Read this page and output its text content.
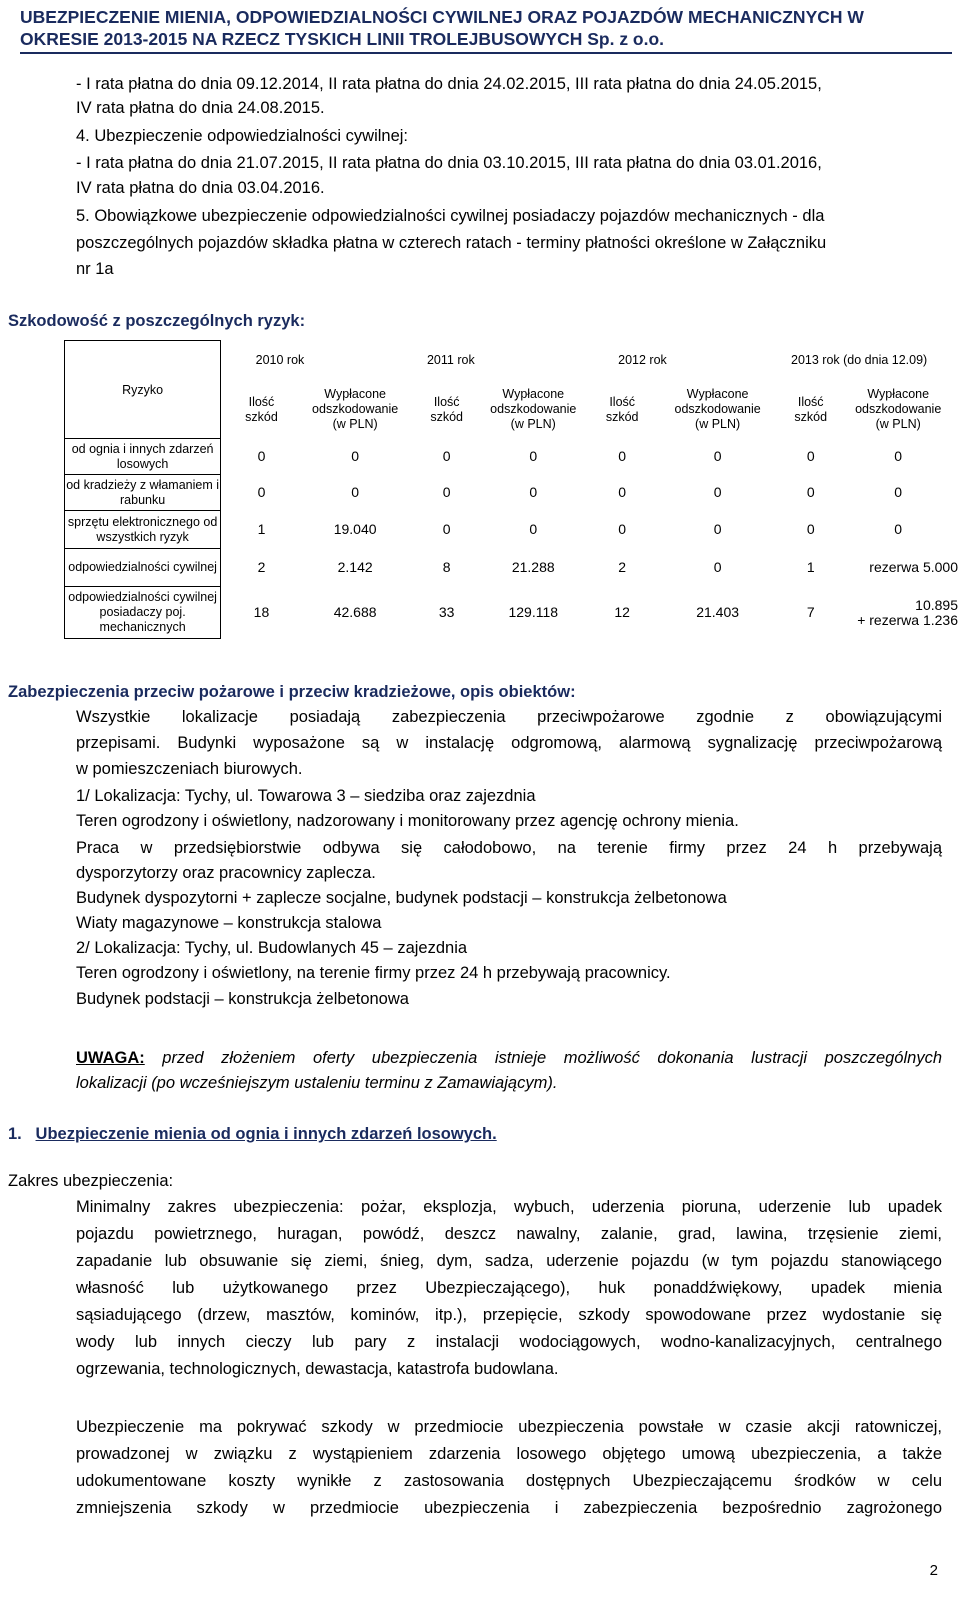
UBEZPIECZENIE MIENIA, ODPOWIEDZIALNOŚCI CYWILNEJ ORAZ POJAZDÓW MECHANICZNYCH W
OKRESIE 2013-2015 NA RZECZ TYSKICH LINII TROLEJBUSOWYCH Sp. z o.o.
- I rata płatna do dnia 09.12.2014, II rata płatna do dnia 24.02.2015, III rata płatna do dnia 24.05.2015,
IV rata płatna do dnia 24.08.2015.
4. Ubezpieczenie odpowiedzialności cywilnej:
- I rata płatna do dnia 21.07.2015, II rata płatna do dnia 03.10.2015, III rata płatna do dnia 03.01.2016,
IV rata płatna do dnia 03.04.2016.
5. Obowiązkowe ubezpieczenie odpowiedzialności cywilnej posiadaczy pojazdów mechanicznych - dla
poszczególnych pojazdów składka płatna w czterech ratach - terminy płatności określone w Załączniku
nr 1a
Szkodowość z poszczególnych ryzyk:
		2010 rok		2011 rok		2012 rok		2013 rok (do dnia 12.09)	
Ryzyko		Ilość szkód	Wypłacone
odszkodowanie
(w PLN)	Ilość szkód	Wypłacone
odszkodowanie
(w PLN)	Ilość szkód	Wypłacone
odszkodowanie
(w PLN)	Ilość szkód	Wypłacone
odszkodowanie
(w PLN)
od ognia i innych zdarzeń losowych		0	0	0	0	0	0	0	0
od kradzieży z włamaniem i rabunku		0	0	0	0	0	0	0	0
sprzętu elektronicznego od wszystkich ryzyk		1	19.040	0	0	0	0	0	0
odpowiedzialności cywilnej		2	2.142	8	21.288	2	0	1	rezerwa 5.000
odpowiedzialności cywilnej posiadaczy poj. mechanicznych		18	42.688	33	129.118	12	21.403	7	10.895
+ rezerwa 1.236
Zabezpieczenia przeciw pożarowe i przeciw kradzieżowe, opis obiektów:
Wszystkie lokalizacje posiadają zabezpieczenia przeciwpożarowe zgodnie z obowiązującymi
przepisami. Budynki wyposażone są w instalację odgromową, alarmową sygnalizację przeciwpożarową
w pomieszczeniach biurowych.
1/ Lokalizacja: Tychy, ul. Towarowa 3 – siedziba oraz zajezdnia
Teren ogrodzony i oświetlony, nadzorowany i monitorowany przez agencję ochrony mienia.
Praca w przedsiębiorstwie odbywa się całodobowo, na terenie firmy przez 24 h przebywają
dysporzytorzy oraz pracownicy zaplecza.
Budynek dyspozytorni + zaplecze socjalne, budynek podstacji – konstrukcja żelbetonowa
Wiaty magazynowe – konstrukcja stalowa
2/ Lokalizacja: Tychy, ul. Budowlanych 45 – zajezdnia
Teren ogrodzony i oświetlony, na terenie firmy przez 24 h przebywają pracownicy.
Budynek podstacji – konstrukcja żelbetonowa
UWAGA: przed złożeniem oferty ubezpieczenia istnieje możliwość dokonania lustracji poszczególnych
lokalizacji (po wcześniejszym ustaleniu terminu z Zamawiającym).
1. Ubezpieczenie mienia od ognia i innych zdarzeń losowych.
Zakres ubezpieczenia:
Minimalny zakres ubezpieczenia: pożar, eksplozja, wybuch, uderzenia pioruna, uderzenie lub upadek
pojazdu powietrznego, huragan, powódź, deszcz nawalny, zalanie, grad, lawina, trzęsienie ziemi,
zapadanie lub obsuwanie się ziemi, śnieg, dym, sadza, uderzenie pojazdu (w tym pojazdu stanowiącego
własność lub użytkowanego przez Ubezpieczającego), huk ponaddźwiękowy, upadek mienia
sąsiadującego (drzew, masztów, kominów, itp.), przepięcie, szkody spowodowane przez wydostanie się
wody lub innych cieczy lub pary z instalacji wodociągowych, wodno-kanalizacyjnych, centralnego
ogrzewania, technologicznych, dewastacja, katastrofa budowlana.
Ubezpieczenie ma pokrywać szkody w przedmiocie ubezpieczenia powstałe w czasie akcji ratowniczej,
prowadzonej w związku z wystąpieniem zdarzenia losowego objętego umową ubezpieczenia, a także
udokumentowane koszty wynikłe z zastosowania dostępnych Ubezpieczającemu środków w celu
zmniejszenia szkody w przedmiocie ubezpieczenia i zabezpieczenia bezpośrednio zagrożonego
2
